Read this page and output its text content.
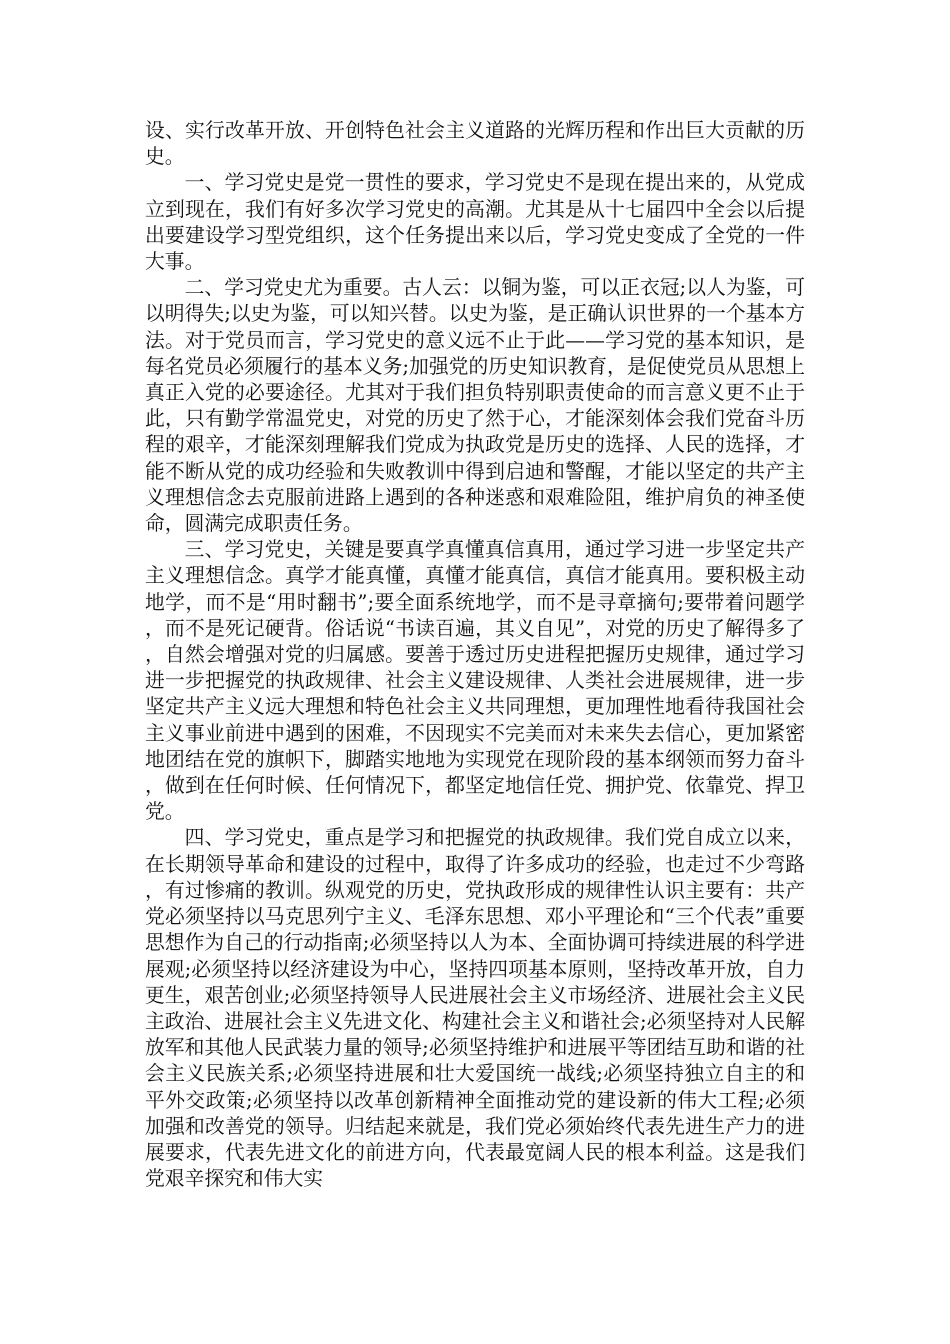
设、实行改革开放、开创特色社会主义道路的光辉历程和作出巨大贡献的历史。

一、学习党史是党一贯性的要求，学习党史不是现在提出来的，从党成立到现在，我们有好多次学习党史的高潮。尤其是从十七届四中全会以后提出要建设学习型党组织，这个任务提出来以后，学习党史变成了全党的一件大事。

二、学习党史尤为重要。古人云：以铜为鉴，可以正衣冠;以人为鉴，可以明得失;以史为鉴，可以知兴替。以史为鉴，是正确认识世界的一个基本方法。对于党员而言，学习党史的意义远不止于此——学习党的基本知识，是每名党员必须履行的基本义务;加强党的历史知识教育，是促使党员从思想上真正入党的必要途径。尤其对于我们担负特别职责使命的而言意义更不止于此，只有勤学常温党史，对党的历史了然于心，才能深刻体会我们党奋斗历程的艰辛，才能深刻理解我们党成为执政党是历史的选择、人民的选择，才能不断从党的成功经验和失败教训中得到启迪和警醒，才能以坚定的共产主义理想信念去克服前进路上遇到的各种迷惑和艰难险阻，维护肩负的神圣使命，圆满完成职责任务。

三、学习党史，关键是要真学真懂真信真用，通过学习进一步坚定共产主义理想信念。真学才能真懂，真懂才能真信，真信才能真用。要积极主动地学，而不是“用时翻书”;要全面系统地学，而不是寻章摘句;要带着问题学，而不是死记硬背。俗话说“书读百遍，其义自见”，对党的历史了解得多了，自然会增强对党的归属感。要善于透过历史进程把握历史规律，通过学习进一步把握党的执政规律、社会主义建设规律、人类社会进展规律，进一步坚定共产主义远大理想和特色社会主义共同理想，更加理性地看待我国社会主义事业前进中遇到的困难，不因现实不完美而对未来失去信心，更加紧密地团结在党的旗帜下，脚踏实地地为实现党在现阶段的基本纲领而努力奋斗，做到在任何时候、任何情况下，都坚定地信任党、拥护党、依靠党、捍卫党。

四、学习党史，重点是学习和把握党的执政规律。我们党自成立以来，在长期领导革命和建设的过程中，取得了许多成功的经验，也走过不少弯路，有过惨痛的教训。纵观党的历史，党执政形成的规律性认识主要有：共产党必须坚持以马克思列宁主义、毛泽东思想、邓小平理论和“三个代表”重要思想作为自己的行动指南;必须坚持以人为本、全面协调可持续进展的科学进展观;必须坚持以经济建设为中心，坚持四项基本原则，坚持改革开放，自力更生，艰苦创业;必须坚持领导人民进展社会主义市场经济、进展社会主义民主政治、进展社会主义先进文化、构建社会主义和谐社会;必须坚持对人民解放军和其他人民武装力量的领导;必须坚持维护和进展平等团结互助和谐的社会主义民族关系;必须坚持进展和壮大爱国统一战线;必须坚持独立自主的和平外交政策;必须坚持以改革创新精神全面推动党的建设新的伟大工程;必须加强和改善党的领导。归结起来就是，我们党必须始终代表先进生产力的进展要求，代表先进文化的前进方向，代表最宽阔人民的根本利益。这是我们党艰辛探究和伟大实
